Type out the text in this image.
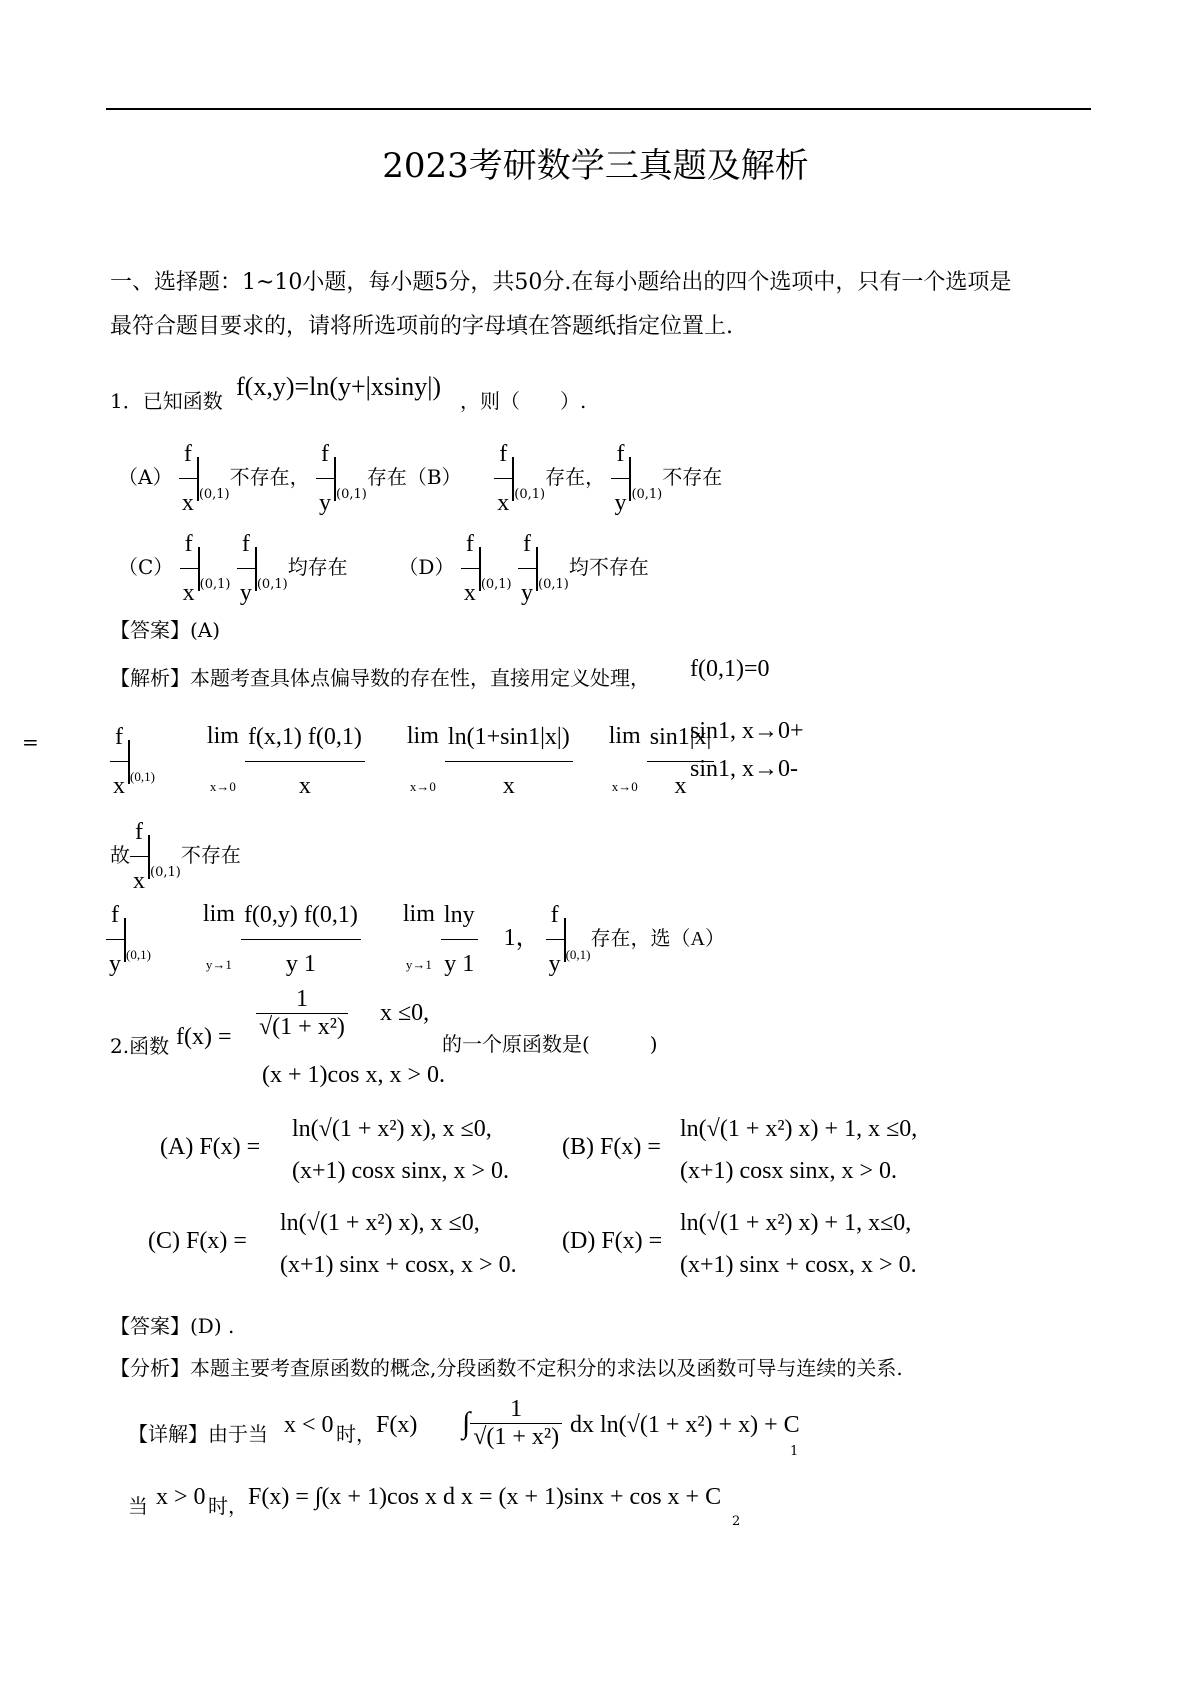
2023考研数学三真题及解析
一、选择题：1~10小题，每小题5分，共50分.在每小题给出的四个选项中，只有一个选项是
最符合题目要求的，请将所选项前的字母填在答题纸指定位置上.
1．已知函数 f(x,y)=ln(y+|xsiny|) ，则（　　）.
$(A) \frac{f}{x} _{(0,1)}$不存在， $\frac{f}{y} _{(0,1)}$存在$(B) \frac{f}{x} _{(0,1)}$存在， $\frac{f}{y} _{(0,1)}$不存在
$(C) \frac{f}{x} _{(0,1)} \frac{f}{y} _{(0,1)}$均存在	$(D) \frac{f}{x} _{(0,1)} \frac{f}{y} _{(0,1)}$均不存在
【答案】(A)
【解析】本题考查具体点偏导数的存在性，直接用定义处理， f(0,1)=0
=	$\frac{f}{x} _{(0,1)}$  lim
$x\to 0 \frac{f(x,1) f(0,1)}{x}$ lim
$x\to 0 \frac{\ln(1+\sin 1|x|)}{x}$ lim
$x\to 0 \frac{\sin 1|x|}{x}$
sin1, x→0+
sin1, x→0-
故 $\frac{f}{x} _{(0,1)}$不存在
$\frac{f}{y} _{(0,1)}$  lim
$y\to 1 \frac{f(0,y) f(0,1)}{y 1}$ lim
$y\to 1 \frac{\ln y}{y 1} 1$， $\frac{f}{y} _{(0,1)}$存在，选（A）
2.函数 $f(x) = \frac{1}{\text{√(1 + x²)}}$ x ≤0,
(x + 1)cos x, x > 0.
的一个原函数是(　　　)
(A) F(x) =
ln(√(1 + x²) x), x ≤0,
(x+1) cosx sinx, x > 0.
(B) F(x) =
ln(√(1 + x²) x) + 1, x ≤0,
(x+1) cosx sinx, x > 0.
(C) F(x) =
ln(√(1 + x²) x), x ≤0,
(x+1) sinx + cosx, x > 0.
(D) F(x) =
ln(√(1 + x²) x) + 1, x≤0,
(x+1) sinx + cosx, x > 0.
【答案】(D) .
【分析】本题主要考查原函数的概念,分段函数不定积分的求法以及函数可导与连续的关系.
【详解】由于当 x < 0 时， F(x) ∫ $\frac{1}{\text{√(1 + x²)}}$ dx ln(√(1 + x²) + x) + C
1
当 x > 0 时， F(x) = ∫(x + 1)cos x d x = (x + 1)sinx + cos x + C
2
